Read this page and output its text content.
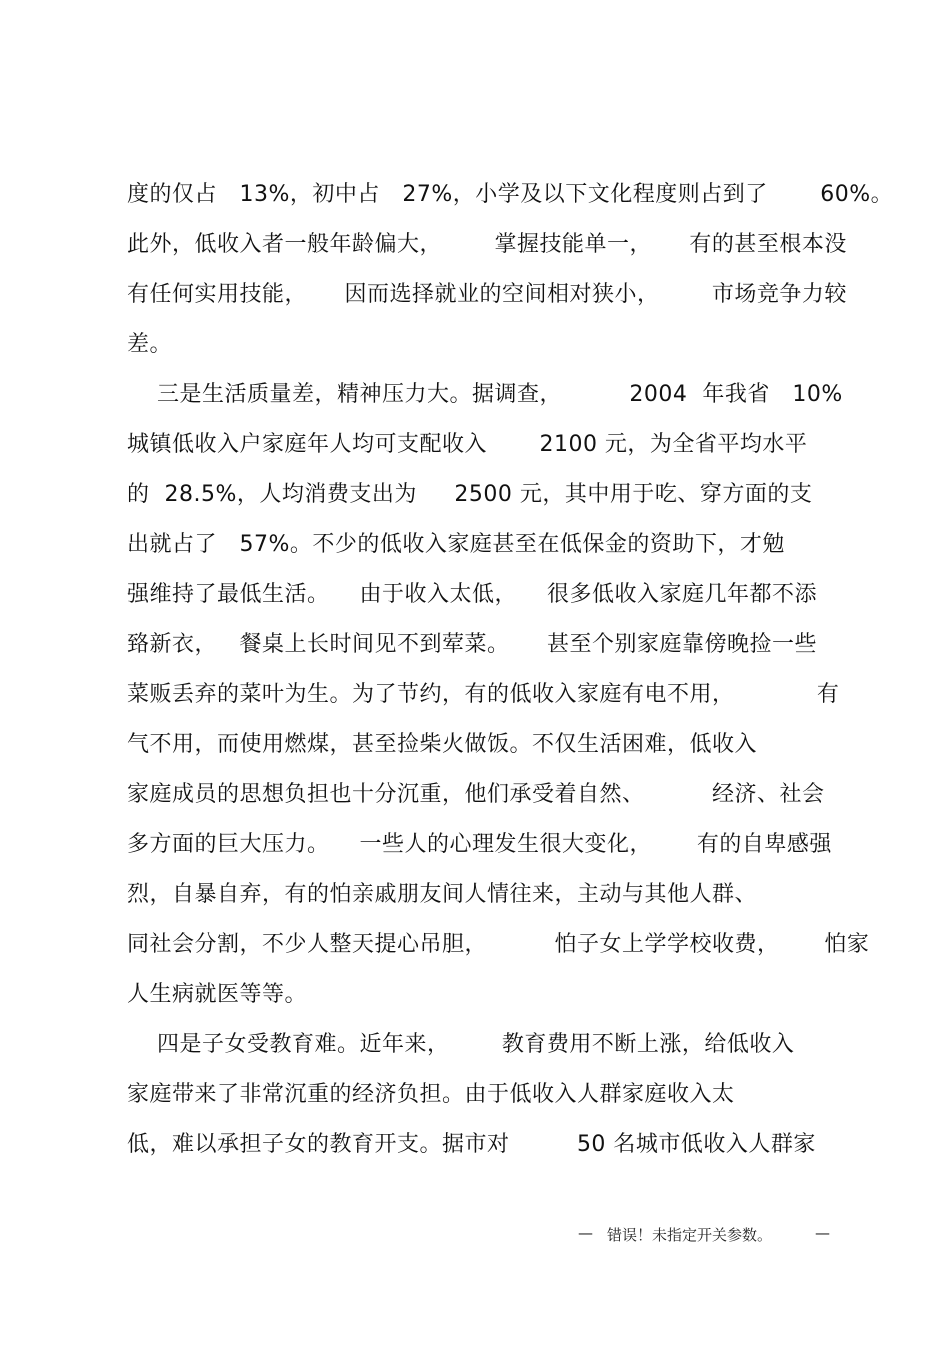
度的仅占   13%，初中占   27%，小学及以下文化程度则占到了       60%。
此外，低收入者一般年龄偏大，       掌握技能单一，     有的甚至根本没
有任何实用技能，     因而选择就业的空间相对狭小，       市场竞争力较
差。
三是生活质量差，精神压力大。据调查，         2004  年我省   10%
城镇低收入户家庭年人均可支配收入       2100 元，为全省平均水平
的  28.5%，人均消费支出为     2500 元，其中用于吃、穿方面的支
出就占了   57%。不少的低收入家庭甚至在低保金的资助下，才勉
强维持了最低生活。    由于收入太低，    很多低收入家庭几年都不添
臵新衣，   餐桌上长时间见不到荤菜。     甚至个别家庭靠傍晚捡一些
菜贩丢弃的菜叶为生。为了节约，有的低收入家庭有电不用，           有
气不用，而使用燃煤，甚至捡柴火做饭。不仅生活困难，低收入
家庭成员的思想负担也十分沉重，他们承受着自然、         经济、社会
多方面的巨大压力。    一些人的心理发生很大变化，      有的自卑感强
烈，自暴自弃，有的怕亲戚朋友间人情往来，主动与其他人群、
同社会分割，不少人整天提心吊胆，         怕子女上学学校收费，      怕家
人生病就医等等。
四是子女受教育难。近年来，       教育费用不断上涨，给低收入
家庭带来了非常沉重的经济负担。由于低收入人群家庭收入太
低，难以承担子女的教育开支。据市对         50 名城市低收入人群家
— 错误！未指定开关参数。	—
